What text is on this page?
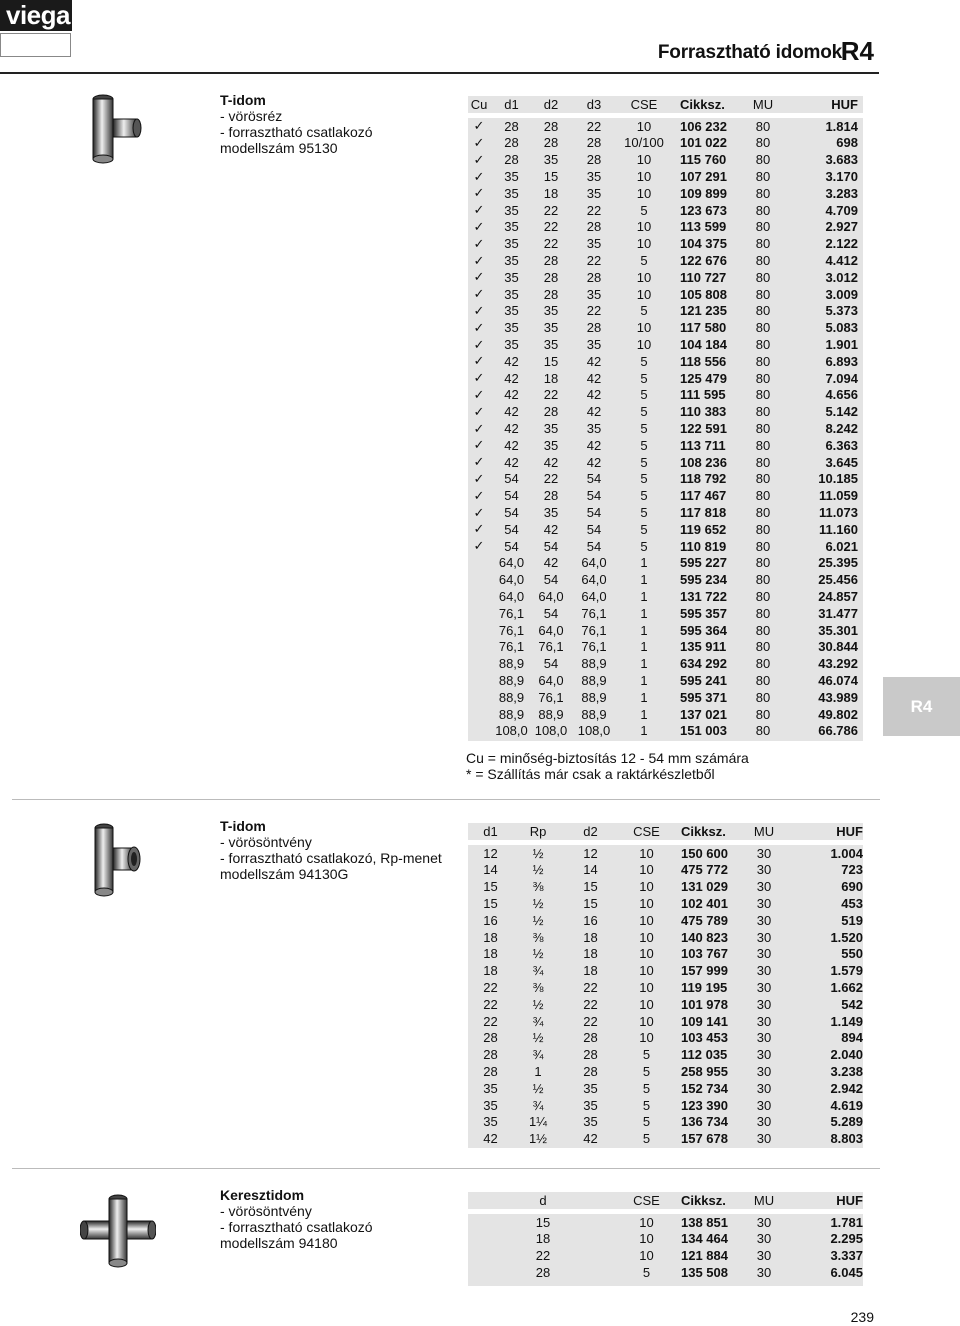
viega
Forrasztható idomok
R4
R4
T-idom
- vörösréz
- forrasztható csatlakozó
modellszám 95130
Cu	d1	d2	d3	CSE	Cikksz.	MU	HUF

✓	28	28	22	10	106 232	80	1.814
✓	28	28	28	10/100	101 022	80	698
✓	28	35	28	10	115 760	80	3.683
✓	35	15	35	10	107 291	80	3.170
✓	35	18	35	10	109 899	80	3.283
✓	35	22	22	5	123 673	80	4.709
✓	35	22	28	10	113 599	80	2.927
✓	35	22	35	10	104 375	80	2.122
✓	35	28	22	5	122 676	80	4.412
✓	35	28	28	10	110 727	80	3.012
✓	35	28	35	10	105 808	80	3.009
✓	35	35	22	5	121 235	80	5.373
✓	35	35	28	10	117 580	80	5.083
✓	35	35	35	10	104 184	80	1.901
✓	42	15	42	5	118 556	80	6.893
✓	42	18	42	5	125 479	80	7.094
✓	42	22	42	5	111 595	80	4.656
✓	42	28	42	5	110 383	80	5.142
✓	42	35	35	5	122 591	80	8.242
✓	42	35	42	5	113 711	80	6.363
✓	42	42	42	5	108 236	80	3.645
✓	54	22	54	5	118 792	80	10.185
✓	54	28	54	5	117 467	80	11.059
✓	54	35	54	5	117 818	80	11.073
✓	54	42	54	5	119 652	80	11.160
✓	54	54	54	5	110 819	80	6.021
	64,0	42	64,0	1	595 227	80	25.395
	64,0	54	64,0	1	595 234	80	25.456
	64,0	64,0	64,0	1	131 722	80	24.857
	76,1	54	76,1	1	595 357	80	31.477
	76,1	64,0	76,1	1	595 364	80	35.301
	76,1	76,1	76,1	1	135 911	80	30.844
	88,9	54	88,9	1	634 292	80	43.292
	88,9	64,0	88,9	1	595 241	80	46.074
	88,9	76,1	88,9	1	595 371	80	43.989
	88,9	88,9	88,9	1	137 021	80	49.802
	108,0	108,0	108,0	1	151 003	80	66.786
Cu = minőség-biztosítás 12 - 54 mm számára
* = Szállítás már csak a raktárkészletből
T-idom
- vörösöntvény
- forrasztható csatlakozó, Rp-menet
modellszám 94130G
d1	Rp	d2	CSE	Cikksz.	MU	HUF

12	½	12	10	150 600	30	1.004
14	½	14	10	475 772	30	723
15	⅜	15	10	131 029	30	690
15	½	15	10	102 401	30	453
16	½	16	10	475 789	30	519
18	⅜	18	10	140 823	30	1.520
18	½	18	10	103 767	30	550
18	¾	18	10	157 999	30	1.579
22	⅜	22	10	119 195	30	1.662
22	½	22	10	101 978	30	542
22	¾	22	10	109 141	30	1.149
28	½	28	10	103 453	30	894
28	¾	28	5	112 035	30	2.040
28	1	28	5	258 955	30	3.238
35	½	35	5	152 734	30	2.942
35	¾	35	5	123 390	30	4.619
35	1¼	35	5	136 734	30	5.289
42	1½	42	5	157 678	30	8.803
Keresztidom
- vörösöntvény
- forrasztható csatlakozó
modellszám 94180
d	CSE	Cikksz.	MU	HUF

15	10	138 851	30	1.781
18	10	134 464	30	2.295
22	10	121 884	30	3.337
28	5	135 508	30	6.045
239
